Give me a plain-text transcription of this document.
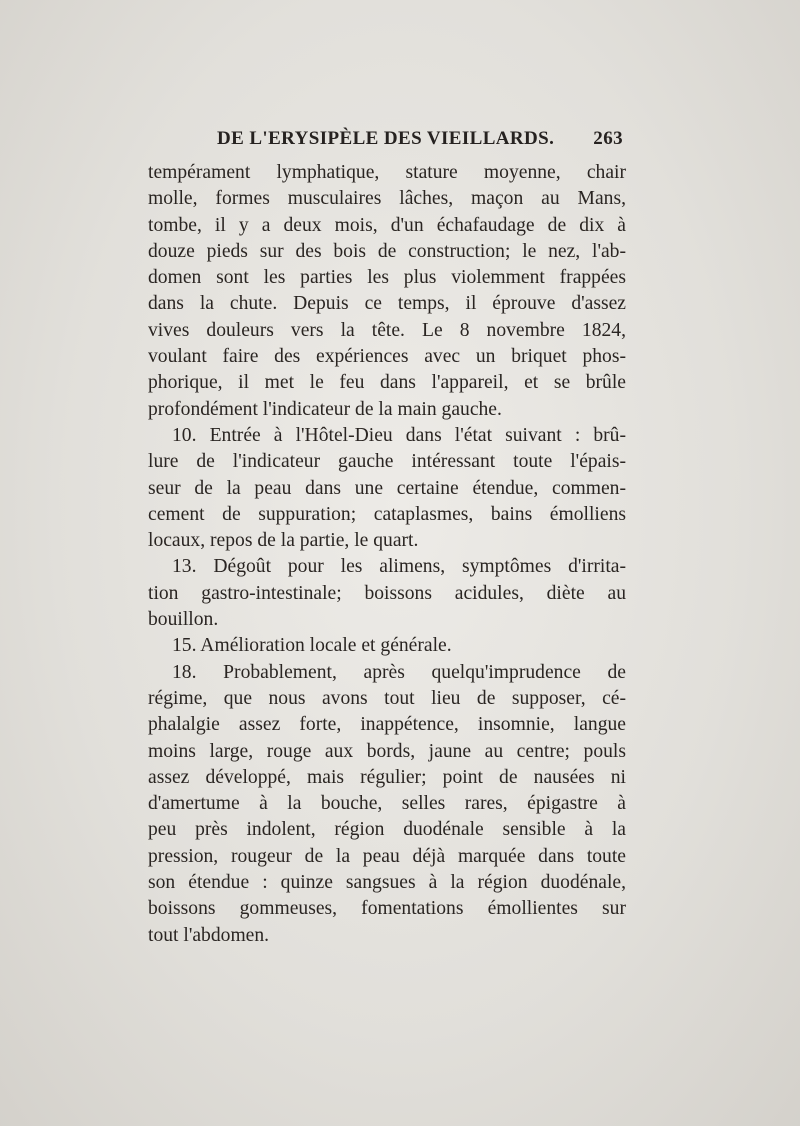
DE L'ERYSIPÈLE DES VIEILLARDS. 263
tempérament lymphatique, stature moyenne, chair
molle, formes musculaires lâches, maçon au Mans,
tombe, il y a deux mois, d'un échafaudage de dix à
douze pieds sur des bois de construction; le nez, l'ab-
domen sont les parties les plus violemment frappées
dans la chute. Depuis ce temps, il éprouve d'assez
vives douleurs vers la tête. Le 8 novembre 1824,
voulant faire des expériences avec un briquet phos-
phorique, il met le feu dans l'appareil, et se brûle
profondément l'indicateur de la main gauche.
10. Entrée à l'Hôtel-Dieu dans l'état suivant : brû-
lure de l'indicateur gauche intéressant toute l'épais-
seur de la peau dans une certaine étendue, commen-
cement de suppuration; cataplasmes, bains émolliens
locaux, repos de la partie, le quart.
13. Dégoût pour les alimens, symptômes d'irrita-
tion gastro-intestinale; boissons acidules, diète au
bouillon.
15. Amélioration locale et générale.
18. Probablement, après quelqu'imprudence de
régime, que nous avons tout lieu de supposer, cé-
phalalgie assez forte, inappétence, insomnie, langue
moins large, rouge aux bords, jaune au centre; pouls
assez développé, mais régulier; point de nausées ni
d'amertume à la bouche, selles rares, épigastre à
peu près indolent, région duodénale sensible à la
pression, rougeur de la peau déjà marquée dans toute
son étendue : quinze sangsues à la région duodénale,
boissons gommeuses, fomentations émollientes sur
tout l'abdomen.
